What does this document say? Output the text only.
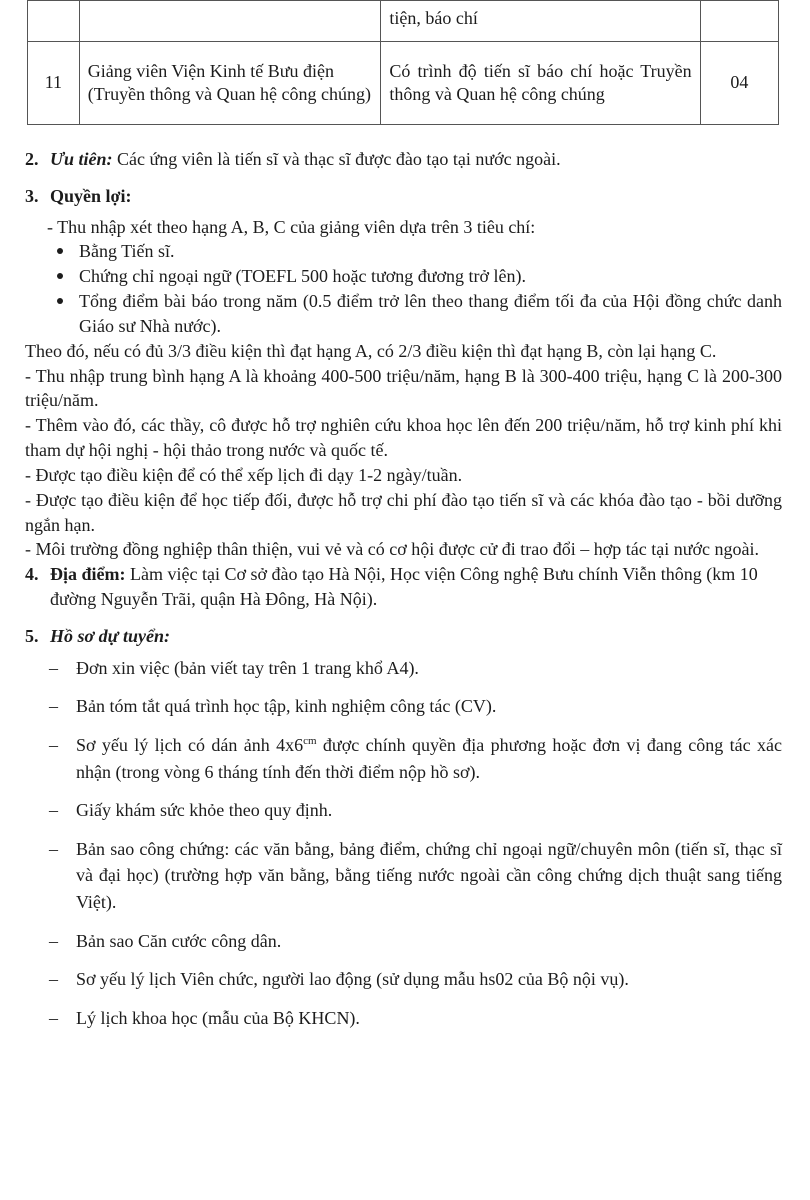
		tiện, báo chí	
11	Giảng viên Viện Kinh tế Bưu điện (Truyền thông và Quan hệ công chúng)	Có trình độ tiến sĩ báo chí hoặc Truyền thông và Quan hệ công chúng	04
2. Ưu tiên: Các ứng viên là tiến sĩ và thạc sĩ được đào tạo tại nước ngoài.

3. Quyền lợi:

- Thu nhập xét theo hạng A, B, C của giảng viên dựa trên 3 tiêu chí:

Bằng Tiến sĩ.
Chứng chỉ ngoại ngữ (TOEFL 500 hoặc tương đương trở lên).
Tổng điểm bài báo trong năm (0.5 điểm trở lên theo thang điểm tối đa của Hội đồng chức danh Giáo sư Nhà nước).

Theo đó, nếu có đủ 3/3 điều kiện thì đạt hạng A, có 2/3 điều kiện thì đạt hạng B, còn lại hạng C.

- Thu nhập trung bình hạng A là khoảng 400-500 triệu/năm, hạng B là 300-400 triệu, hạng C là 200-300 triệu/năm.

- Thêm vào đó, các thầy, cô được hỗ trợ nghiên cứu khoa học lên đến 200 triệu/năm, hỗ trợ kinh phí khi tham dự hội nghị - hội thảo trong nước và quốc tế.

- Được tạo điều kiện để có thể xếp lịch đi dạy 1-2 ngày/tuần.

- Được tạo điều kiện để học tiếp đối, được hỗ trợ chi phí đào tạo tiến sĩ và các khóa đào tạo - bồi dưỡng ngắn hạn.

- Môi trường đồng nghiệp thân thiện, vui vẻ và có cơ hội được cử đi trao đổi – hợp tác tại nước ngoài.

4. Địa điểm: Làm việc tại Cơ sở đào tạo Hà Nội, Học viện Công nghệ Bưu chính Viễn thông (km 10 đường Nguyễn Trãi, quận Hà Đông, Hà Nội).

5. Hồ sơ dự tuyển:
– Đơn xin việc (bản viết tay trên 1 trang khổ A4).
– Bản tóm tắt quá trình học tập, kinh nghiệm công tác (CV).
– Sơ yếu lý lịch có dán ảnh $4x6^{cm}$ được chính quyền địa phương hoặc đơn vị đang công tác xác nhận (trong vòng 6 tháng tính đến thời điểm nộp hồ sơ).
– Giấy khám sức khỏe theo quy định.
– Bản sao công chứng: các văn bằng, bảng điểm, chứng chỉ ngoại ngữ/chuyên môn (tiến sĩ, thạc sĩ và đại học) (trường hợp văn bằng, bằng tiếng nước ngoài cần công chứng dịch thuật sang tiếng Việt).
– Bản sao Căn cước công dân.
– Sơ yếu lý lịch Viên chức, người lao động (sử dụng mẫu hs02 của Bộ nội vụ).
– Lý lịch khoa học (mẫu của Bộ KHCN).
